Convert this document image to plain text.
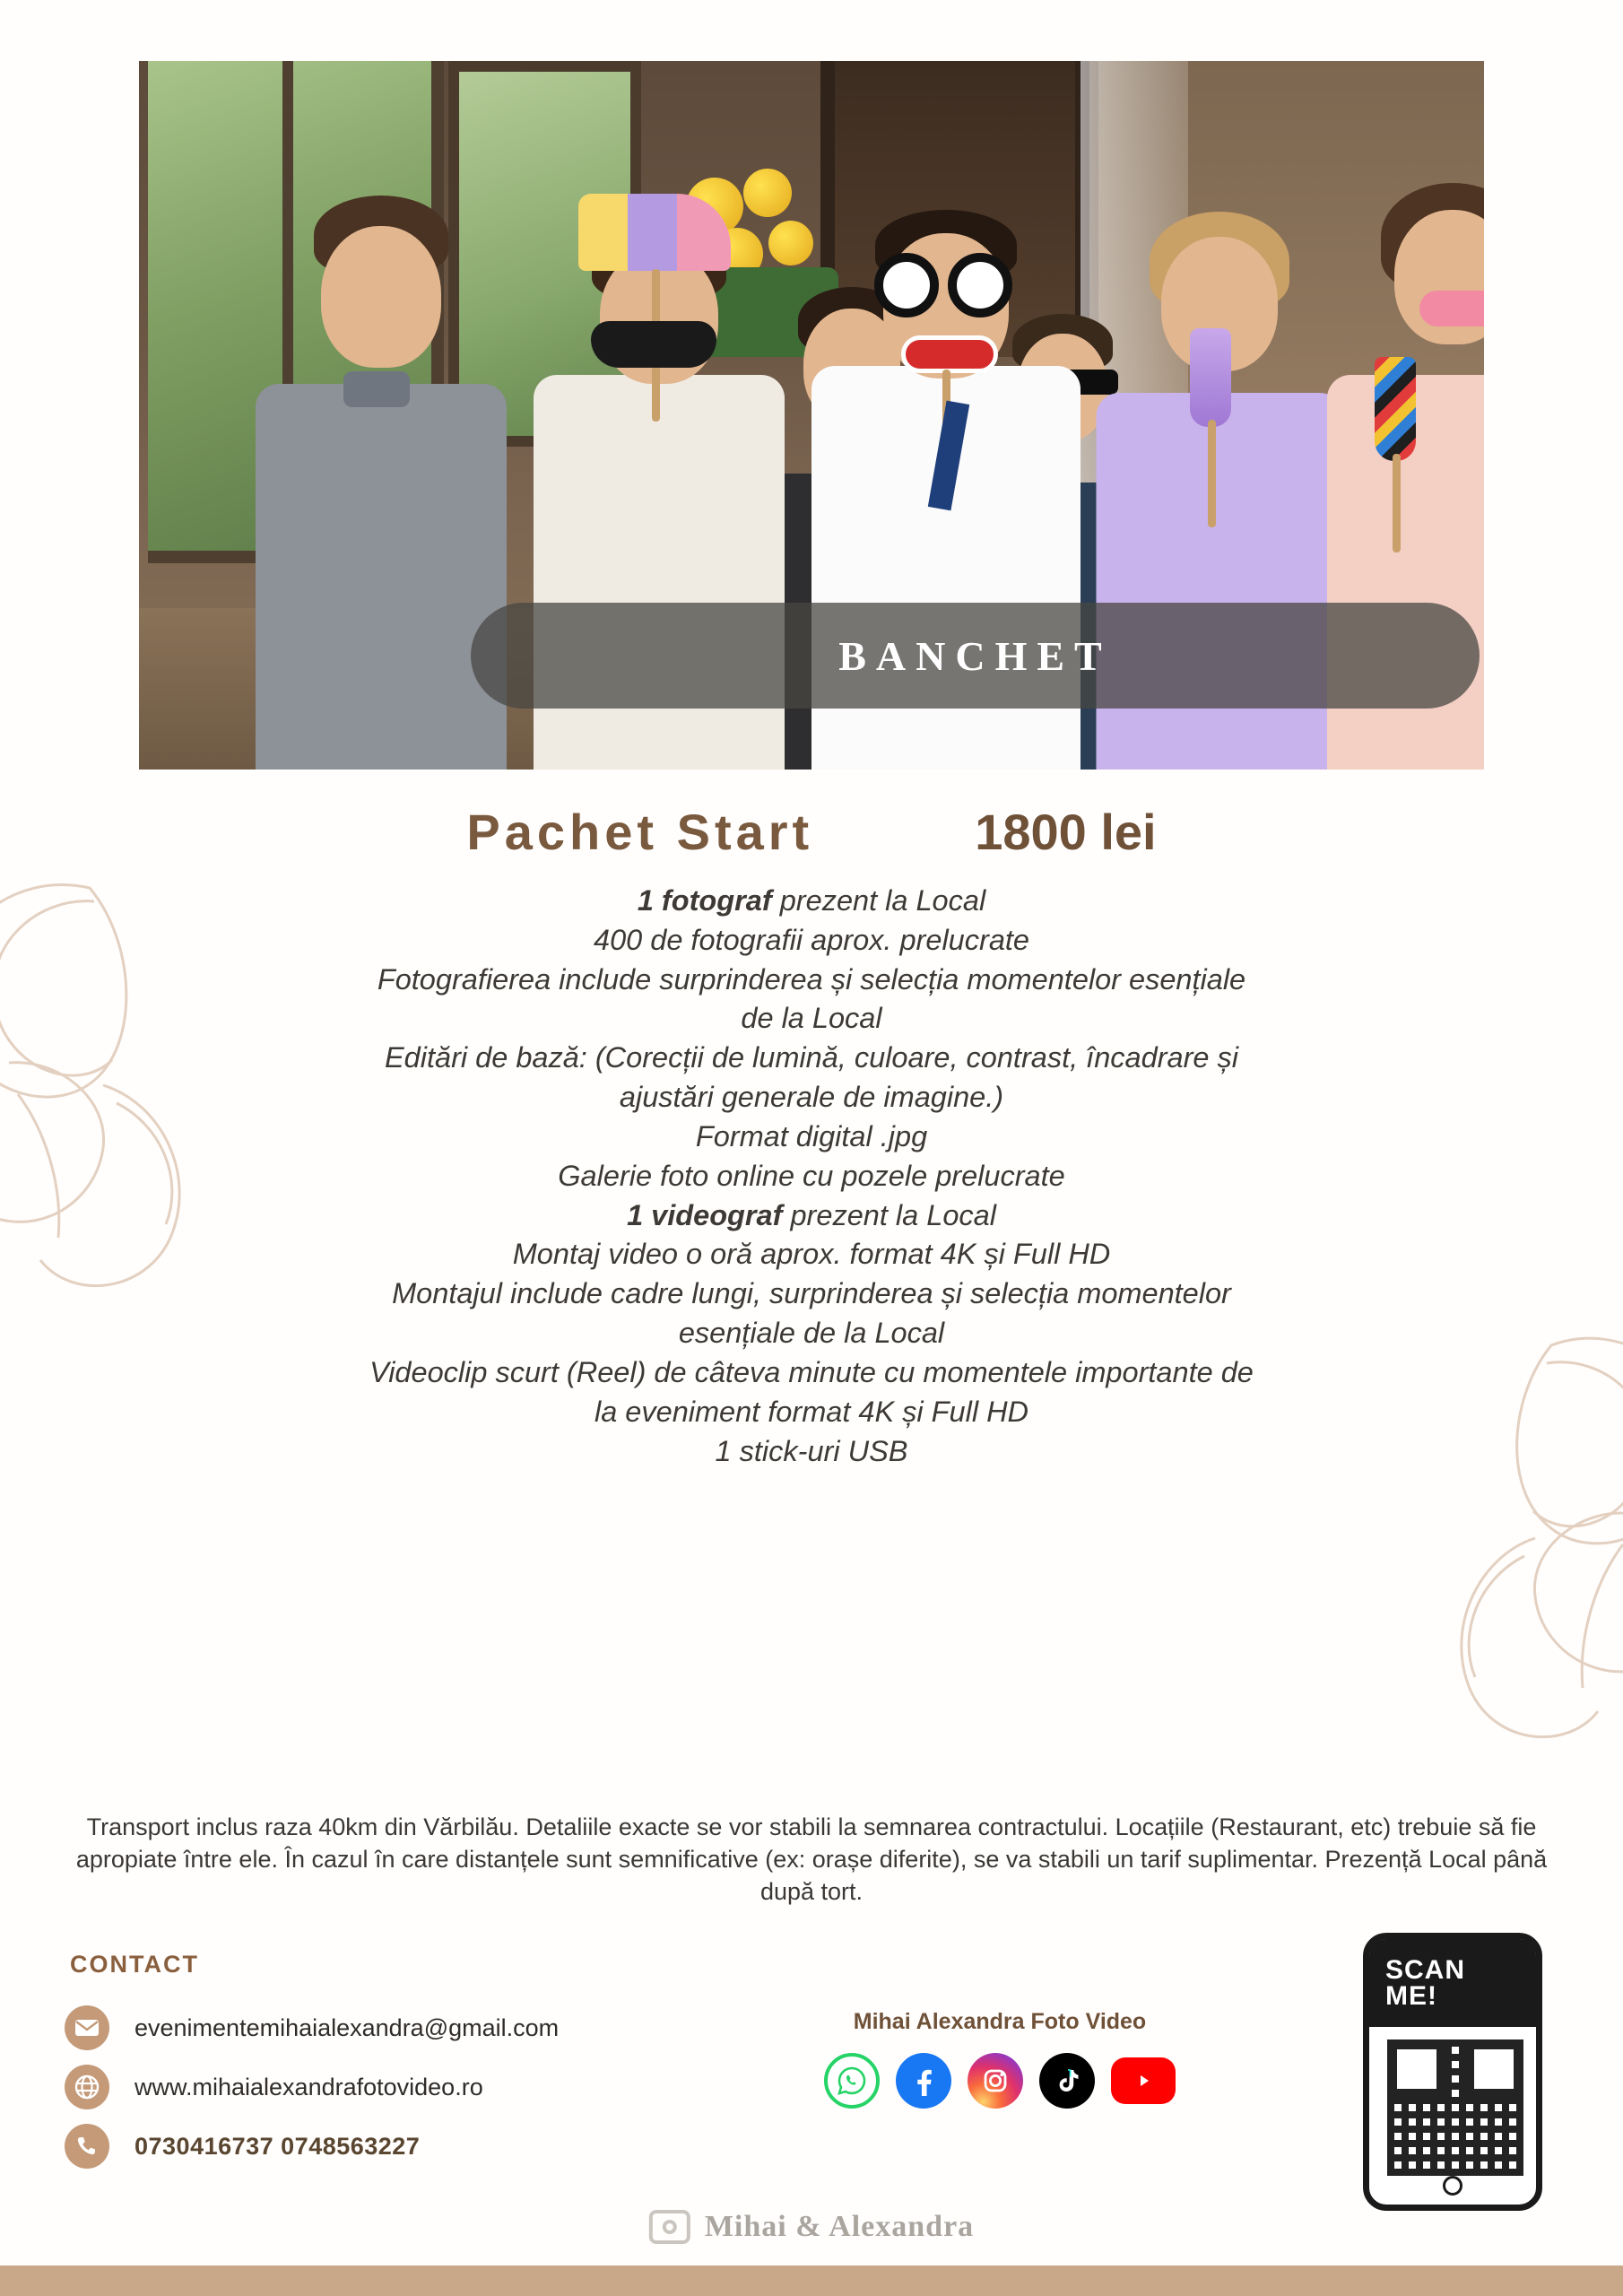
BANCHET
Pachet Start	1800 lei
1 fotograf prezent la Local
400 de fotografii aprox. prelucrate
Fotografierea include surprinderea și selecția momentelor esențiale
de la Local
Editări de bază: (Corecții de lumină, culoare, contrast, încadrare și
ajustări generale de imagine.)
Format digital .jpg
Galerie foto online cu pozele prelucrate
1 videograf prezent la Local
Montaj video o oră aprox. format 4K și Full HD
Montajul include cadre lungi, surprinderea și selecția momentelor
esențiale de la Local
Videoclip scurt (Reel) de câteva minute cu momentele importante de
la eveniment format 4K și Full HD
1 stick-uri USB
Transport inclus raza 40km din Vărbilău. Detaliile exacte se vor stabili la semnarea contractului. Locațiile (Restaurant, etc) trebuie să fie apropiate între ele. În cazul în care distanțele sunt semnificative (ex: orașe diferite), se va stabili un tarif suplimentar. Prezență Local până după tort.
CONTACT
evenimentemihaialexandra@gmail.com
www.mihaialexandrafotovideo.ro
0730416737 0748563227
Mihai Alexandra Foto Video
SCAN
ME!
Mihai & Alexandra
